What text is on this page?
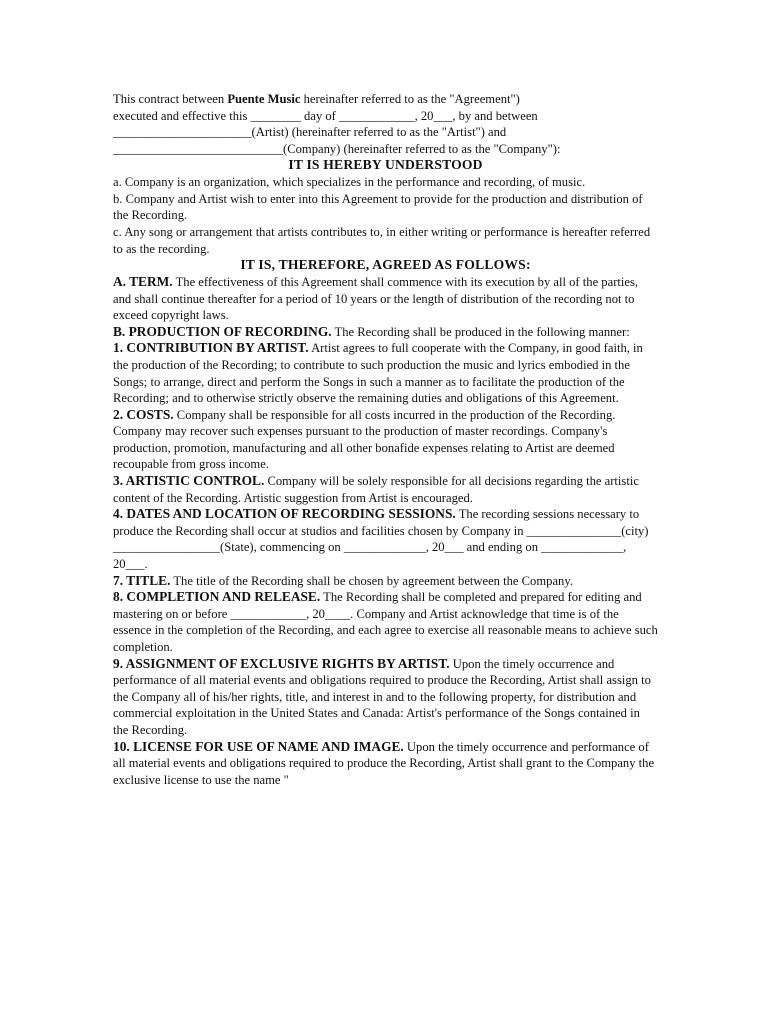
This contract between Puente Music hereinafter referred to as the "Agreement")
executed and effective this ________ day of ____________, 20___, by and between
______________________(Artist) (hereinafter referred to as the "Artist") and
___________________________(Company) (hereinafter referred to as the "Company"):

IT IS HEREBY UNDERSTOOD

a. Company is an organization, which specializes in the performance and recording, of music.

b. Company and Artist wish to enter into this Agreement to provide for the production and distribution of the Recording.

c. Any song or arrangement that artists contributes to, in either writing or performance is hereafter referred to as the recording.

IT IS, THEREFORE, AGREED AS FOLLOWS:

A. TERM. The effectiveness of this Agreement shall commence with its execution by all of the parties, and shall continue thereafter for a period of 10 years or the length of distribution of the recording not to exceed copyright laws.

B. PRODUCTION OF RECORDING. The Recording shall be produced in the following manner:

1. CONTRIBUTION BY ARTIST. Artist agrees to full cooperate with the Company, in good faith, in the production of the Recording; to contribute to such production the music and lyrics embodied in the Songs; to arrange, direct and perform the Songs in such a manner as to facilitate the production of the Recording; and to otherwise strictly observe the remaining duties and obligations of this Agreement.

2. COSTS. Company shall be responsible for all costs incurred in the production of the Recording. Company may recover such expenses pursuant to the production of master recordings. Company's production, promotion, manufacturing and all other bonafide expenses relating to Artist are deemed recoupable from gross income.

3. ARTISTIC CONTROL. Company will be solely responsible for all decisions regarding the artistic content of the Recording. Artistic suggestion from Artist is encouraged.

4. DATES AND LOCATION OF RECORDING SESSIONS. The recording sessions necessary to produce the Recording shall occur at studios and facilities chosen by Company in _______________(city) _________________(State), commencing on _____________, 20___ and ending on _____________, 20___.

7. TITLE. The title of the Recording shall be chosen by agreement between the Company.

8. COMPLETION AND RELEASE. The Recording shall be completed and prepared for editing and mastering on or before ____________, 20____. Company and Artist acknowledge that time is of the essence in the completion of the Recording, and each agree to exercise all reasonable means to achieve such completion.

9. ASSIGNMENT OF EXCLUSIVE RIGHTS BY ARTIST. Upon the timely occurrence and performance of all material events and obligations required to produce the Recording, Artist shall assign to the Company all of his/her rights, title, and interest in and to the following property, for distribution and commercial exploitation in the United States and Canada: Artist's performance of the Songs contained in the Recording.

10. LICENSE FOR USE OF NAME AND IMAGE. Upon the timely occurrence and performance of all material events and obligations required to produce the Recording, Artist shall grant to the Company the exclusive license to use the name "
